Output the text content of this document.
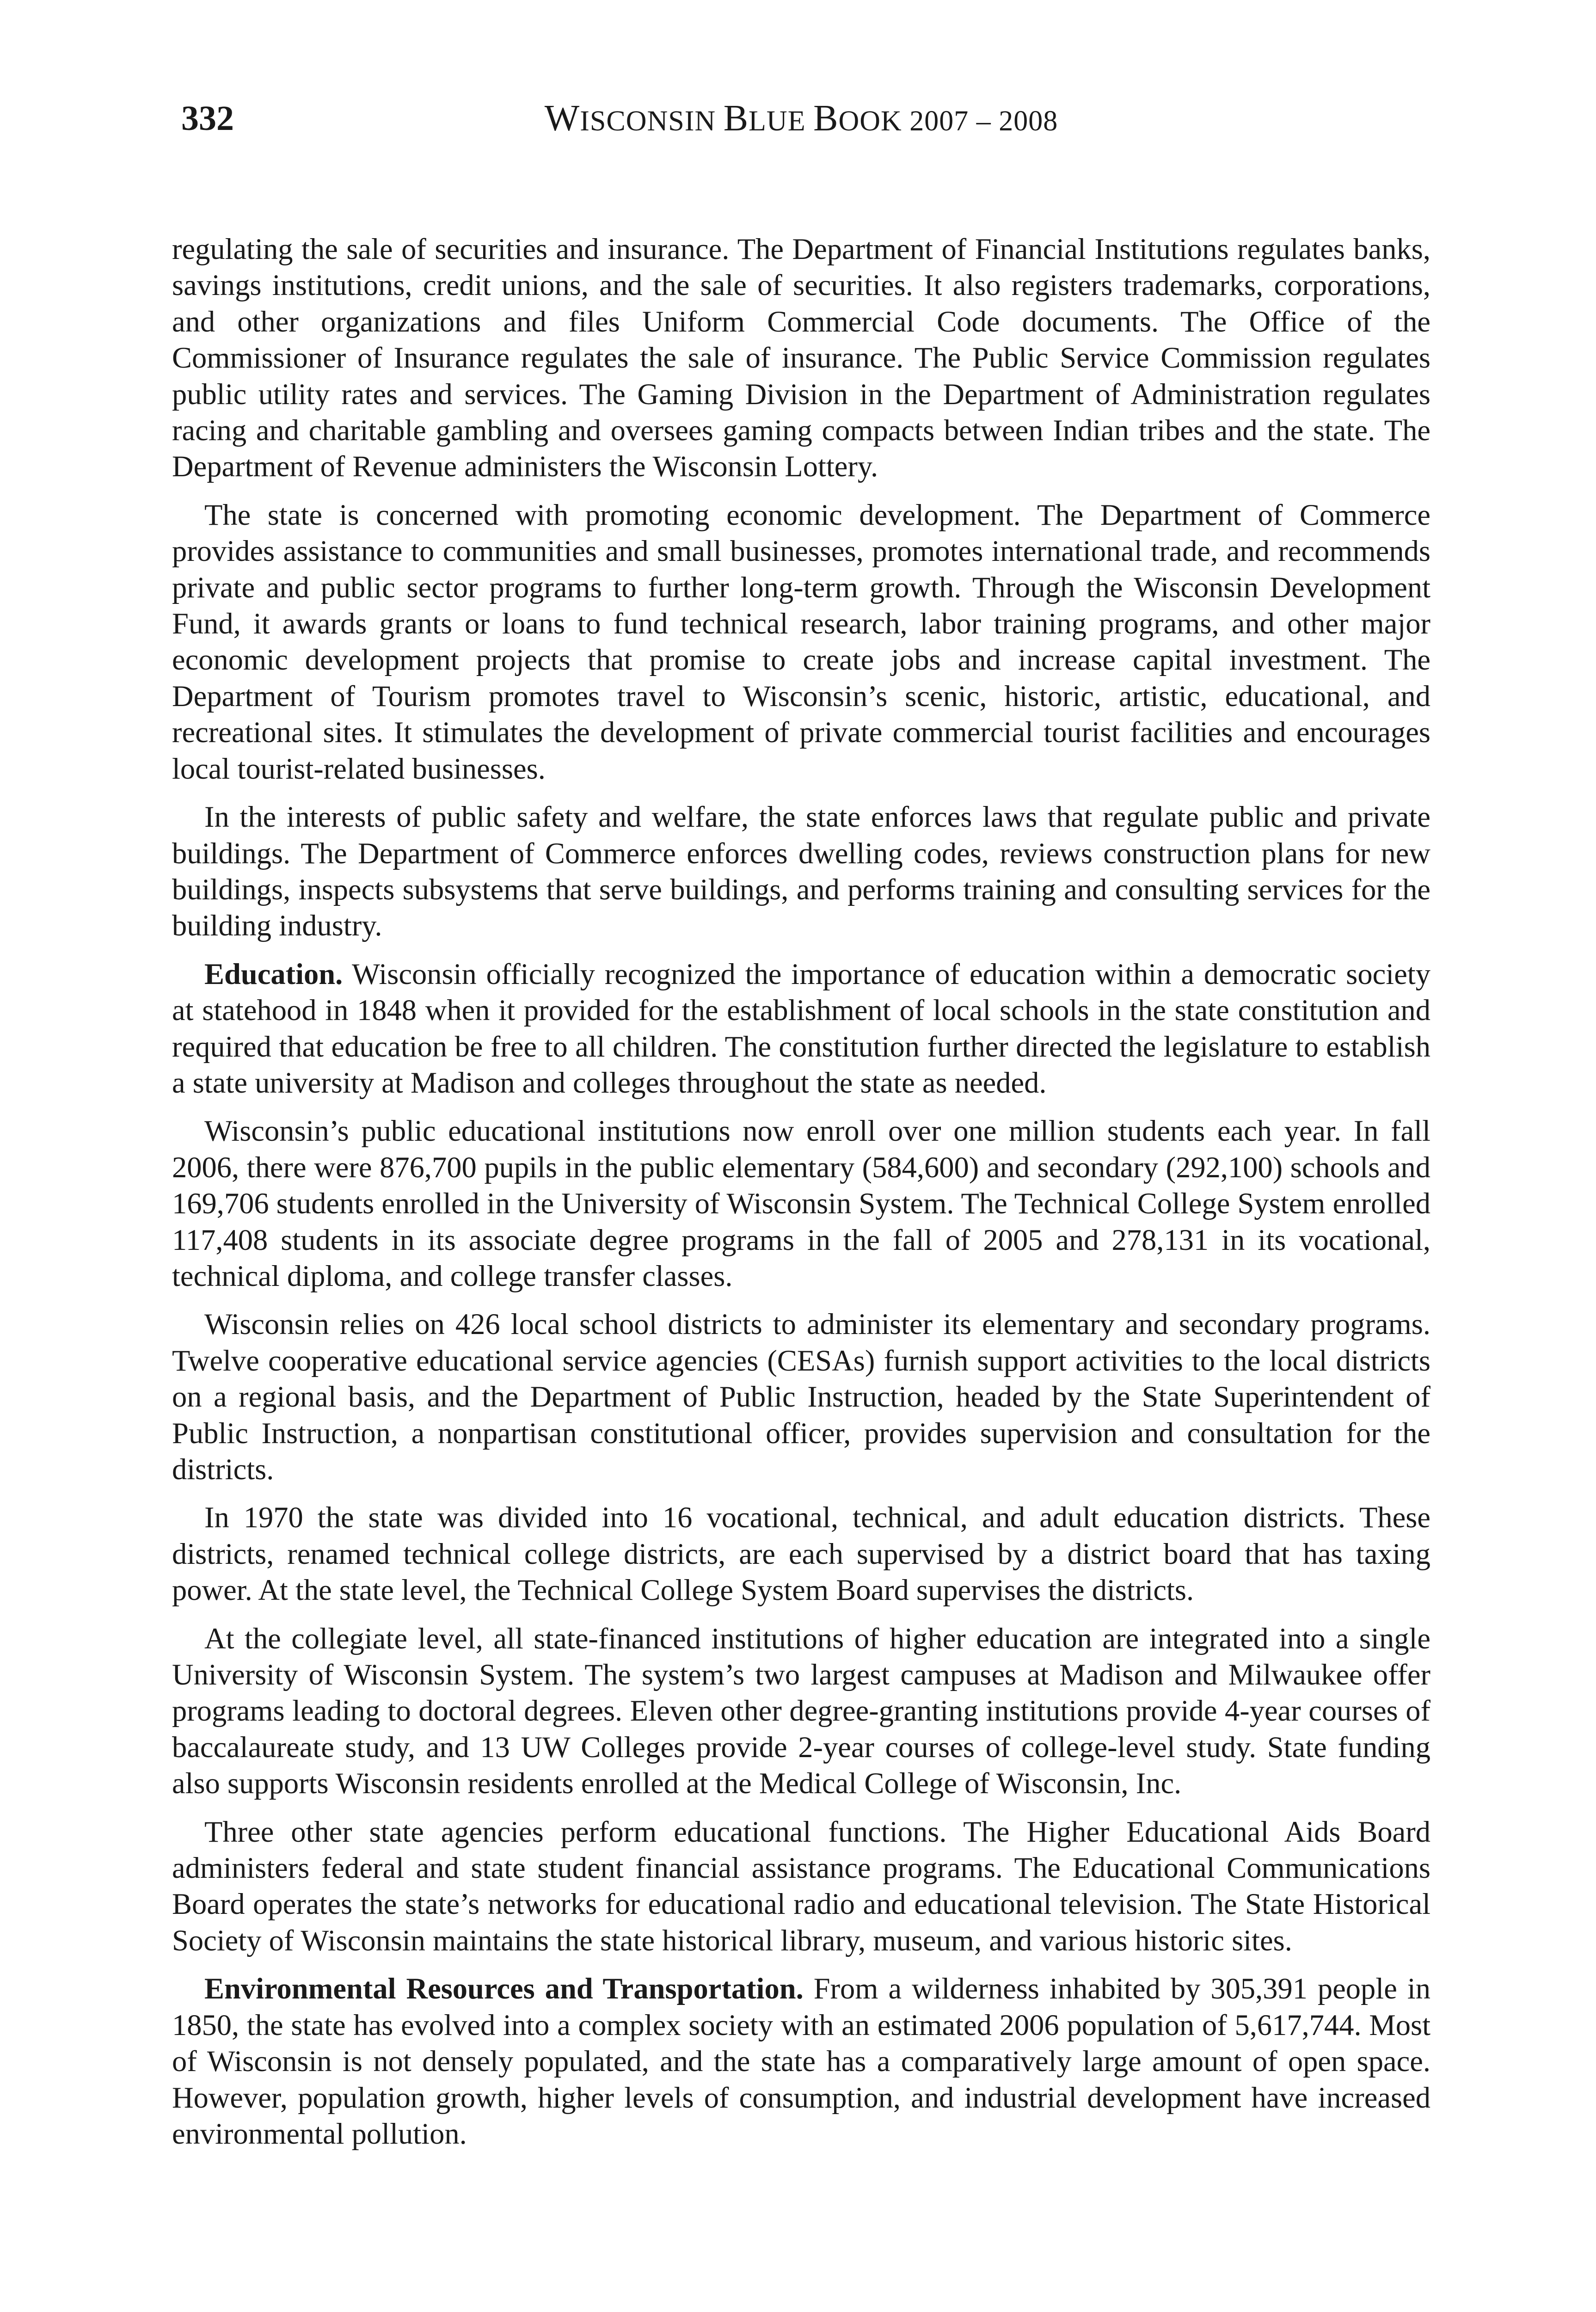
332	WISCONSIN BLUE BOOK 2007 – 2008

regulating the sale of securities and insurance. The Department of Financial Institutions regulates banks, savings institutions, credit unions, and the sale of securities. It also registers trademarks, corporations, and other organizations and files Uniform Commercial Code documents. The Office of the Commissioner of Insurance regulates the sale of insurance. The Public Service Commission regulates public utility rates and services. The Gaming Division in the Department of Administration regulates racing and charitable gambling and oversees gaming compacts between Indian tribes and the state. The Department of Revenue administers the Wisconsin Lottery.

The state is concerned with promoting economic development. The Department of Commerce provides assistance to communities and small businesses, promotes international trade, and recommends private and public sector programs to further long-term growth. Through the Wisconsin Development Fund, it awards grants or loans to fund technical research, labor training programs, and other major economic development projects that promise to create jobs and increase capital investment. The Department of Tourism promotes travel to Wisconsin’s scenic, historic, artistic, educational, and recreational sites. It stimulates the development of private commercial tourist facilities and encourages local tourist-related businesses.

In the interests of public safety and welfare, the state enforces laws that regulate public and private buildings. The Department of Commerce enforces dwelling codes, reviews construction plans for new buildings, inspects subsystems that serve buildings, and performs training and consulting services for the building industry.

Education. Wisconsin officially recognized the importance of education within a democratic society at statehood in 1848 when it provided for the establishment of local schools in the state constitution and required that education be free to all children. The constitution further directed the legislature to establish a state university at Madison and colleges throughout the state as needed.

Wisconsin’s public educational institutions now enroll over one million students each year. In fall 2006, there were 876,700 pupils in the public elementary (584,600) and secondary (292,100) schools and 169,706 students enrolled in the University of Wisconsin System. The Technical College System enrolled 117,408 students in its associate degree programs in the fall of 2005 and 278,131 in its vocational, technical diploma, and college transfer classes.

Wisconsin relies on 426 local school districts to administer its elementary and secondary programs. Twelve cooperative educational service agencies (CESAs) furnish support activities to the local districts on a regional basis, and the Department of Public Instruction, headed by the State Superintendent of Public Instruction, a nonpartisan constitutional officer, provides supervision and consultation for the districts.

In 1970 the state was divided into 16 vocational, technical, and adult education districts. These districts, renamed technical college districts, are each supervised by a district board that has taxing power. At the state level, the Technical College System Board supervises the districts.

At the collegiate level, all state-financed institutions of higher education are integrated into a single University of Wisconsin System. The system’s two largest campuses at Madison and Milwaukee offer programs leading to doctoral degrees. Eleven other degree-granting institutions provide 4-year courses of baccalaureate study, and 13 UW Colleges provide 2-year courses of college-level study. State funding also supports Wisconsin residents enrolled at the Medical College of Wisconsin, Inc.

Three other state agencies perform educational functions. The Higher Educational Aids Board administers federal and state student financial assistance programs. The Educational Communications Board operates the state’s networks for educational radio and educational television. The State Historical Society of Wisconsin maintains the state historical library, museum, and various historic sites.

Environmental Resources and Transportation. From a wilderness inhabited by 305,391 people in 1850, the state has evolved into a complex society with an estimated 2006 population of 5,617,744. Most of Wisconsin is not densely populated, and the state has a comparatively large amount of open space. However, population growth, higher levels of consumption, and industrial development have increased environmental pollution.
